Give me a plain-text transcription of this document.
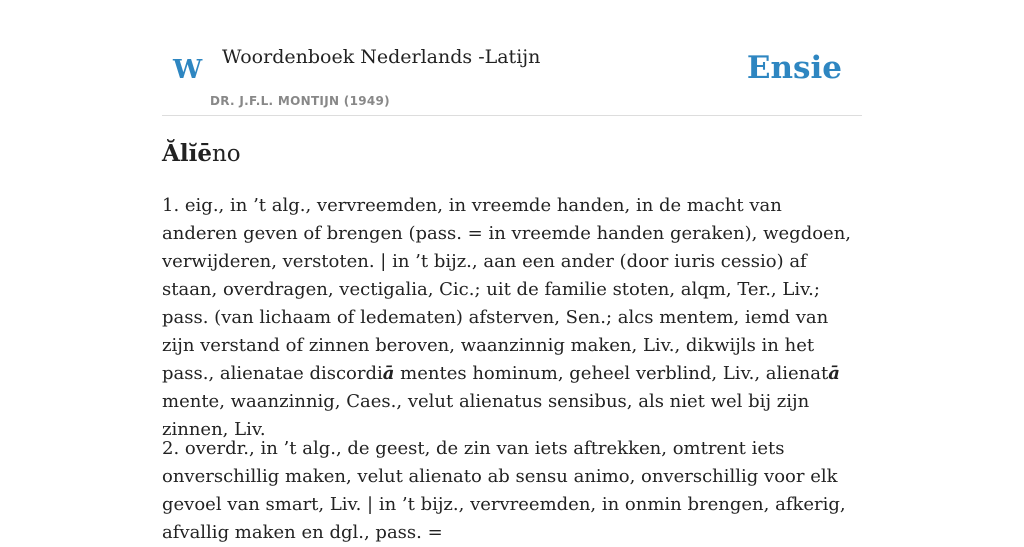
W Woordenboek Nederlands -Latijn
DR. J.F.L. MONTIJN (1949)
Ensie
Ălĭēno

1. eig., in ’t alg., vervreemden, in vreemde handen, in de macht van anderen geven of brengen (pass. = in vreemde handen geraken), wegdoen, verwijderen, verstoten. | in ’t bijz., aan een ander (door iuris cessio) af staan, overdragen, vectigalia, Cic.; uit de familie stoten, alqm, Ter., Liv.; pass. (van lichaam of ledematen) afsterven, Sen.; alcs mentem, iemd van zijn verstand of zinnen beroven, waanzinnig maken, Liv., dikwijls in het pass., alienatae discordiā mentes hominum, geheel verblind, Liv., alienatā mente, waanzinnig, Caes., velut alienatus sensibus, als niet wel bij zijn zinnen, Liv.

2. overdr., in ’t alg., de geest, de zin van iets aftrekken, omtrent iets onverschillig maken, velut alienato ab sensu animo, onverschillig voor elk gevoel van smart, Liv. | in ’t bijz., vervreemden, in onmin brengen, afkerig, afvallig maken en dgl., pass. =
